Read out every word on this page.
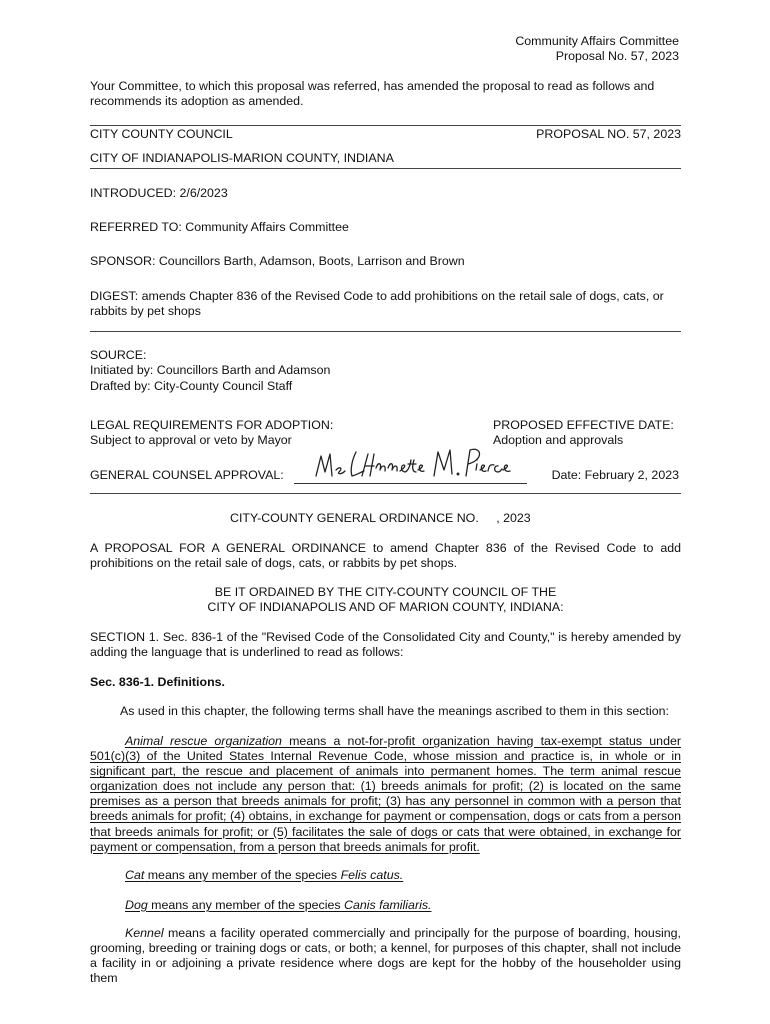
Community Affairs Committee
Proposal No. 57, 2023
Your Committee, to which this proposal was referred, has amended the proposal to read as follows and recommends its adoption as amended.
CITY COUNTY COUNCIL	PROPOSAL NO. 57, 2023
CITY OF INDIANAPOLIS-MARION COUNTY, INDIANA
INTRODUCED: 2/6/2023
REFERRED TO: Community Affairs Committee
SPONSOR: Councillors Barth, Adamson, Boots, Larrison and Brown
DIGEST: amends Chapter 836 of the Revised Code to add prohibitions on the retail sale of dogs, cats, or rabbits by pet shops
SOURCE:
Initiated by: Councillors Barth and Adamson
Drafted by: City-County Council Staff
LEGAL REQUIREMENTS FOR ADOPTION:
Subject to approval or veto by Mayor
PROPOSED EFFECTIVE DATE:
Adoption and approvals
GENERAL COUNSEL APPROVAL:	Date: February 2, 2023
CITY-COUNTY GENERAL ORDINANCE NO. , 2023
A PROPOSAL FOR A GENERAL ORDINANCE to amend Chapter 836 of the Revised Code to add prohibitions on the retail sale of dogs, cats, or rabbits by pet shops.
BE IT ORDAINED BY THE CITY-COUNTY COUNCIL OF THE
CITY OF INDIANAPOLIS AND OF MARION COUNTY, INDIANA:
SECTION 1. Sec. 836-1 of the "Revised Code of the Consolidated City and County," is hereby amended by adding the language that is underlined to read as follows:
Sec. 836-1. Definitions.
As used in this chapter, the following terms shall have the meanings ascribed to them in this section:
Animal rescue organization means a not-for-profit organization having tax-exempt status under 501(c)(3) of the United States Internal Revenue Code, whose mission and practice is, in whole or in significant part, the rescue and placement of animals into permanent homes. The term animal rescue organization does not include any person that: (1) breeds animals for profit; (2) is located on the same premises as a person that breeds animals for profit; (3) has any personnel in common with a person that breeds animals for profit; (4) obtains, in exchange for payment or compensation, dogs or cats from a person that breeds animals for profit; or (5) facilitates the sale of dogs or cats that were obtained, in exchange for payment or compensation, from a person that breeds animals for profit.
Cat means any member of the species Felis catus.
Dog means any member of the species Canis familiaris.
Kennel means a facility operated commercially and principally for the purpose of boarding, housing, grooming, breeding or training dogs or cats, or both; a kennel, for purposes of this chapter, shall not include a facility in or adjoining a private residence where dogs are kept for the hobby of the householder using them
